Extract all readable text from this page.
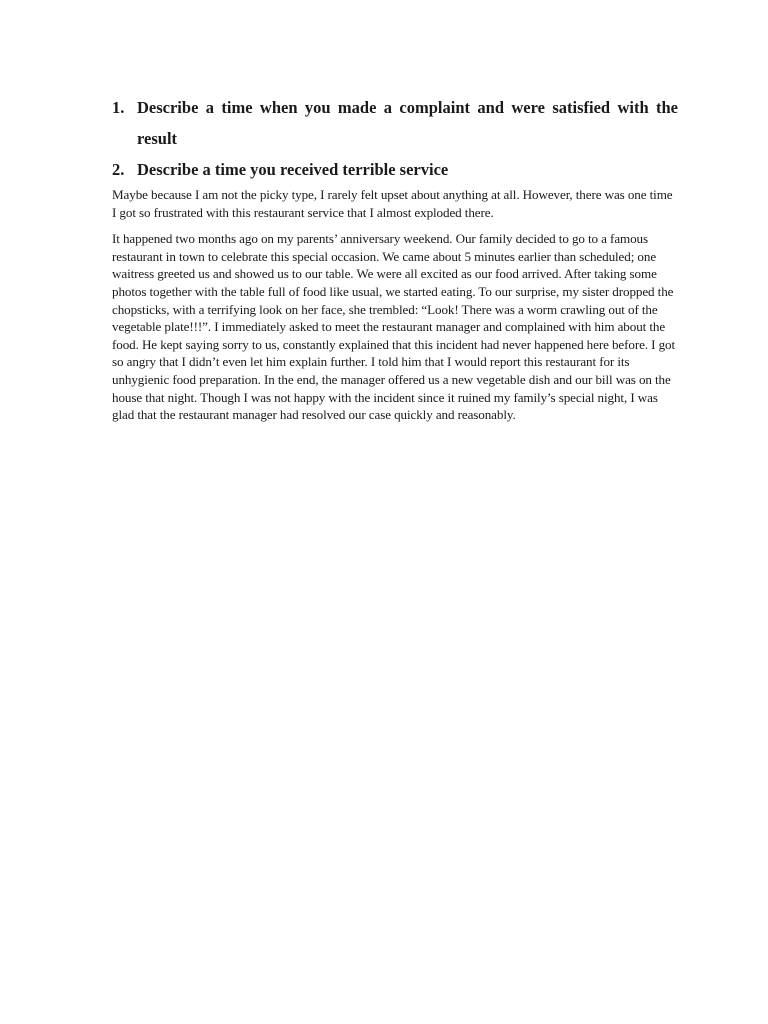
1. Describe a time when you made a complaint and were satisfied with the result
2. Describe a time you received terrible service

Maybe because I am not the picky type, I rarely felt upset about anything at all. However, there was one time I got so frustrated with this restaurant service that I almost exploded there.

It happened two months ago on my parents’ anniversary weekend. Our family decided to go to a famous restaurant in town to celebrate this special occasion. We came about 5 minutes earlier than scheduled; one waitress greeted us and showed us to our table. We were all excited as our food arrived. After taking some photos together with the table full of food like usual, we started eating. To our surprise, my sister dropped the chopsticks, with a terrifying look on her face, she trembled: “Look! There was a worm crawling out of the vegetable plate!!!”. I immediately asked to meet the restaurant manager and complained with him about the food. He kept saying sorry to us, constantly explained that this incident had never happened here before. I got so angry that I didn’t even let him explain further. I told him that I would report this restaurant for its unhygienic food preparation. In the end, the manager offered us a new vegetable dish and our bill was on the house that night. Though I was not happy with the incident since it ruined my family’s special night, I was glad that the restaurant manager had resolved our case quickly and reasonably.
